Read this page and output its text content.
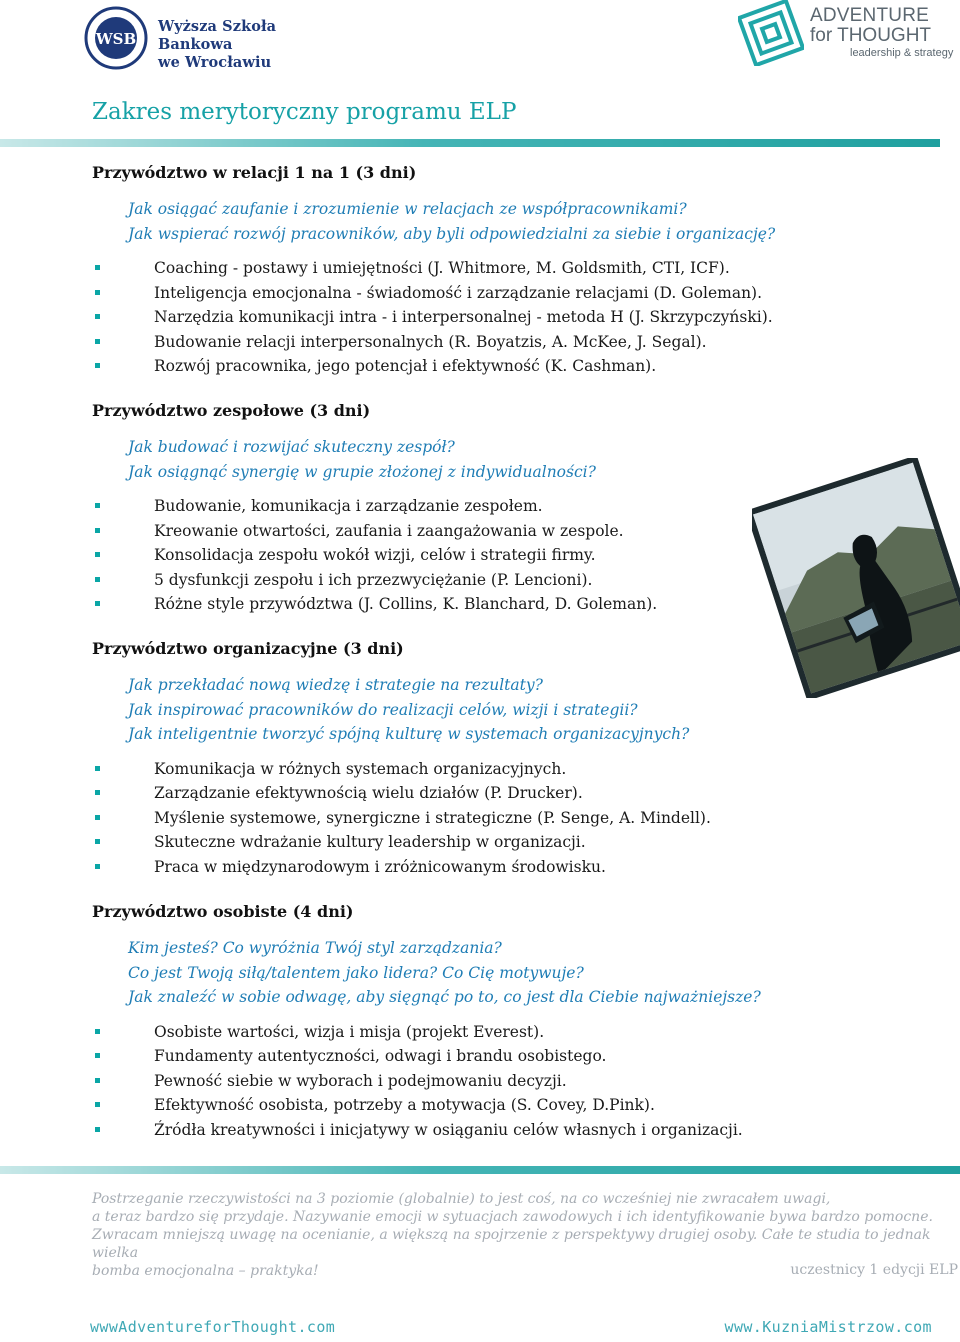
WSB
Wyższa Szkoła Bankowa
we Wrocławiu
ADVENTURE
for THOUGHT
leadership & strategy
Zakres merytoryczny programu ELP
Przywództwo w relacji 1 na 1 (3 dni)
Jak osiągać zaufanie i zrozumienie w relacjach ze współpracownikami?
Jak wspierać rozwój pracowników, aby byli odpowiedzialni za siebie i organizację?
Coaching - postawy i umiejętności (J. Whitmore, M. Goldsmith, CTI, ICF).
Inteligencja emocjonalna - świadomość i zarządzanie relacjami (D. Goleman).
Narzędzia komunikacji intra - i interpersonalnej - metoda H (J. Skrzypczyński).
Budowanie relacji interpersonalnych (R. Boyatzis, A. McKee, J. Segal).
Rozwój pracownika, jego potencjał i efektywność (K. Cashman).
Przywództwo zespołowe (3 dni)
Jak budować i rozwijać skuteczny zespół?
Jak osiągnąć synergię w grupie złożonej z indywidualności?
Budowanie, komunikacja i zarządzanie zespołem.
Kreowanie otwartości, zaufania i zaangażowania w zespole.
Konsolidacja zespołu wokół wizji, celów i strategii firmy.
5 dysfunkcji zespołu i ich przezwyciężanie (P. Lencioni).
Różne style przywództwa (J. Collins, K. Blanchard, D. Goleman).
Przywództwo organizacyjne (3 dni)
Jak przekładać nową wiedzę i strategie na rezultaty?
Jak inspirować pracowników do realizacji celów, wizji i strategii?
Jak inteligentnie tworzyć spójną kulturę w systemach organizacyjnych?
Komunikacja w różnych systemach organizacyjnych.
Zarządzanie efektywnością wielu działów (P. Drucker).
Myślenie systemowe, synergiczne i strategiczne (P. Senge, A. Mindell).
Skuteczne wdrażanie kultury leadership w organizacji.
Praca w międzynarodowym i zróżnicowanym środowisku.
Przywództwo osobiste (4 dni)
Kim jesteś? Co wyróżnia Twój styl zarządzania?
Co jest Twoją siłą/talentem jako lidera? Co Cię motywuje?
Jak znaleźć w sobie odwagę, aby sięgnąć po to, co jest dla Ciebie najważniejsze?
Osobiste wartości, wizja i misja (projekt Everest).
Fundamenty autentyczności, odwagi i brandu osobistego.
Pewność siebie w wyborach i podejmowaniu decyzji.
Efektywność osobista, potrzeby a motywacja (S. Covey, D.Pink).
Źródła kreatywności i inicjatywy w osiąganiu celów własnych i organizacji.
Postrzeganie rzeczywistości na 3 poziomie (globalnie) to jest coś, na co wcześniej nie zwracałem uwagi,
a teraz bardzo się przydaje. Nazywanie emocji w sytuacjach zawodowych i ich identyfikowanie bywa bardzo pomocne.
Zwracam mniejszą uwagę na ocenianie, a większą na spojrzenie z perspektywy drugiej osoby. Całe te studia to jednak wielka
bomba emocjonalna – praktyka!	uczestnicy 1 edycji ELP
wwwAdventureforThought.com	www.KuzniaMistrzow.com
